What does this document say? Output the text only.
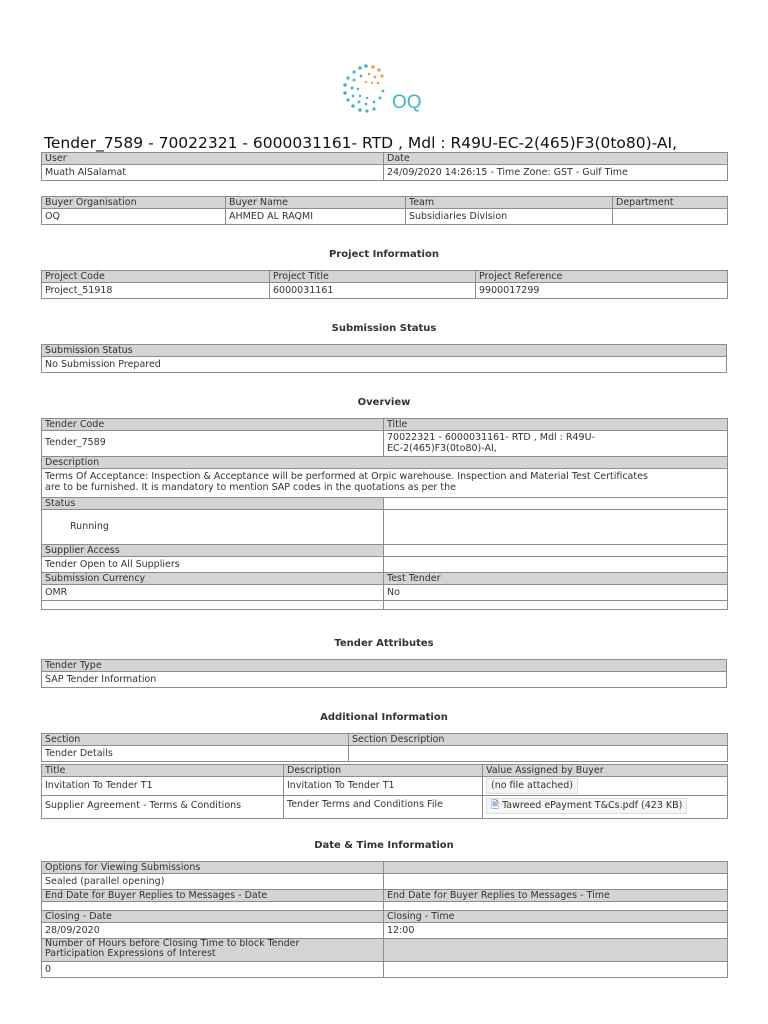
OQ
Tender_7589 - 70022321 - 6000031161- RTD , Mdl : R49U-EC-2(465)F3(0to80)-AI,
User	Date
Muath AlSalamat	24/09/2020 14:26:15 - Time Zone: GST - Gulf Time
Buyer Organisation	Buyer Name	Team	Department
OQ	AHMED AL RAQMI	Subsidiaries Division	
Project Information
Project Code	Project Title	Project Reference
Project_51918	6000031161	9900017299
Submission Status
Submission Status
No Submission Prepared
Overview
Tender Code	Title
Tender_7589	70022321 - 6000031161- RTD , Mdl : R49U-
EC-2(465)F3(0to80)-AI,

Description	

Terms Of Acceptance: Inspection & Acceptance will be performed at Orpic warehouse. Inspection and Material Test Certificates
are to be furnished. It is mandatory to mention SAP codes in the quotations as per the	

Status	
Running	
Supplier Access	
Tender Open to All Suppliers	
Submission Currency	Test Tender
OMR	No

Tender Attributes
Tender Type
SAP Tender Information
Additional Information
Section	Section Description
Tender Details	
Title	Description	Value Assigned by Buyer
Invitation To Tender T1	Invitation To Tender T1	(no file attached)
Supplier Agreement - Terms & Conditions	Tender Terms and Conditions File	🗎 Tawreed ePayment T&Cs.pdf (423 KB)
Date & Time Information
Options for Viewing Submissions	
Sealed (parallel opening)	
End Date for Buyer Replies to Messages - Date	End Date for Buyer Replies to Messages - Time

Closing - Date	Closing - Time
28/09/2020	12:00

Number of Hours before Closing Time to block Tender
Participation Expressions of Interest	

0	
